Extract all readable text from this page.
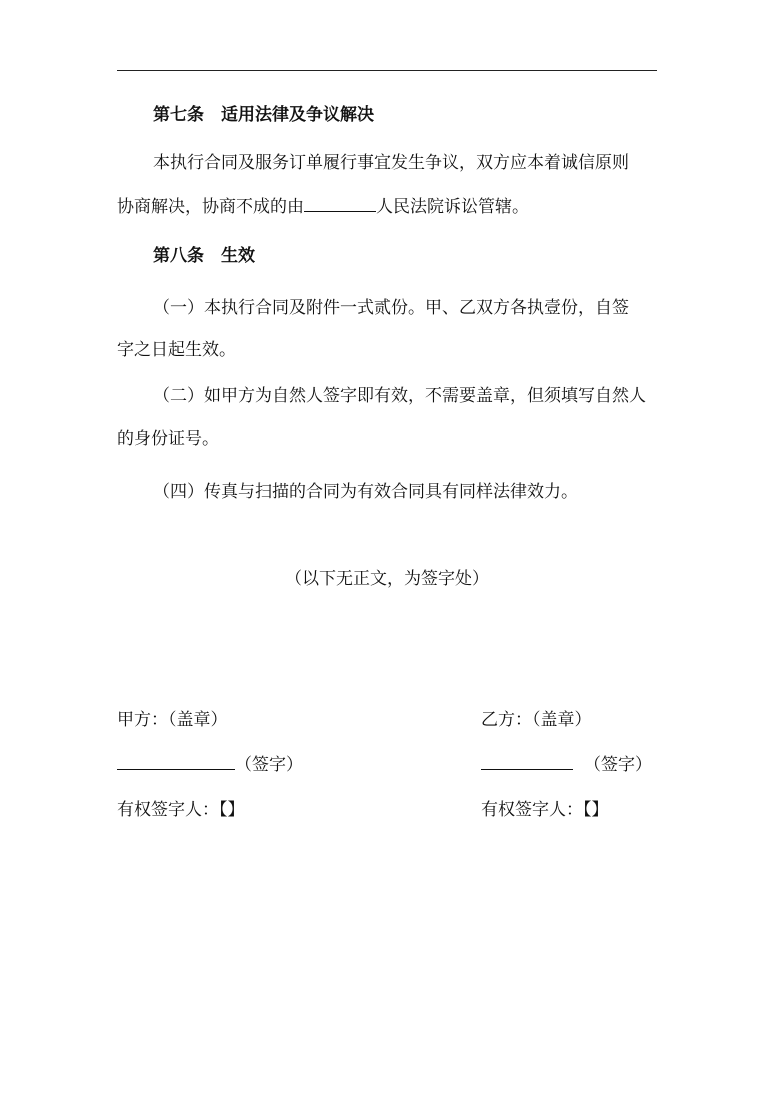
第七条　适用法律及争议解决
本执行合同及服务订单履行事宜发生争议，双方应本着诚信原则
协商解决，协商不成的由	人民法院诉讼管辖。
第八条　生效
（一）本执行合同及附件一式贰份。甲、乙双方各执壹份，自签
字之日起生效。
（二）如甲方为自然人签字即有效，不需要盖章，但须填写自然人
的身份证号。
（四）传真与扫描的合同为有效合同具有同样法律效力。
（以下无正文，为签字处）
甲方：（盖章）
（签字）
有权签字人：【】
乙方：（盖章）
（签字）
有权签字人：【】
